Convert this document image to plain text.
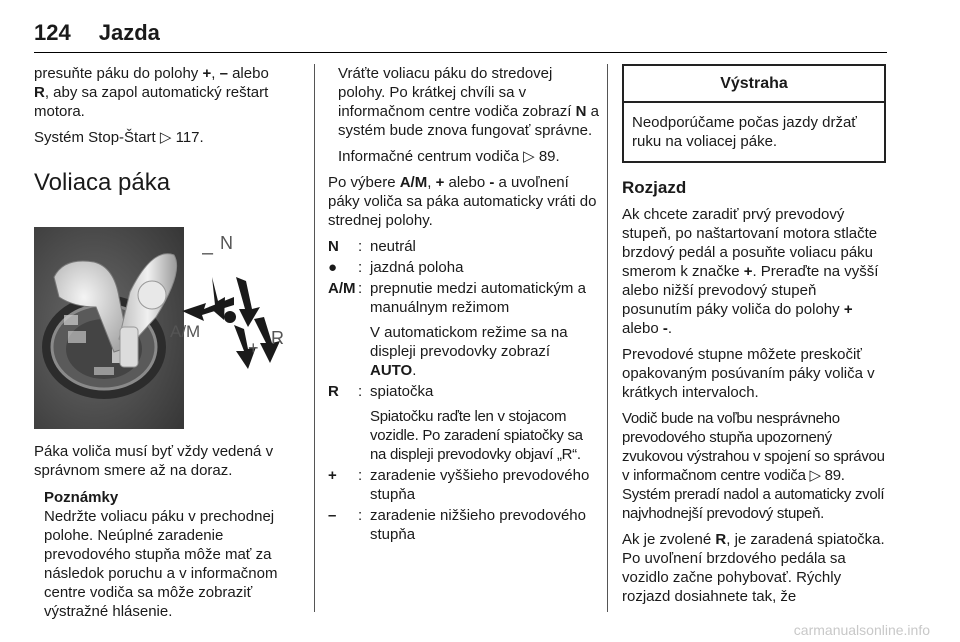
124 Jazda

presuňte páku do polohy +, – alebo
R, aby sa zapol automatický reštart motora.

Systém Stop-Štart ▷ 117.

Voliaca páka
– N
A/M
+ R

Páka voliča musí byť vždy vedená v správnom smere až na doraz.

Poznámky
Nedržte voliacu páku v prechodnej polohe. Neúplné zaradenie prevodového stupňa môže mať za následok poruchu a v informačnom centre vodiča sa môže zobraziť výstražné hlásenie.

Vráťte voliacu páku do stredovej polohy. Po krátkej chvíli sa v informačnom centre vodiča zobrazí N a systém bude znova fungovať správne.

Informačné centrum vodiča ▷ 89.

Po výbere A/M, + alebo - a uvoľnení páky voliča sa páka automaticky vráti do strednej polohy.

N	: neutrál
●	: jazdná poloha
A/M : prepnutie medzi automatickým a manuálnym režimom
V automatickom režime sa na displeji prevodovky zobrazí AUTO.
R	: spiatočka
Spiatočku raďte len v stojacom vozidle. Po zaradení spiatočky sa na displeji prevodovky objaví „R“.
+	: zaradenie vyššieho prevodového stupňa
–	: zaradenie nižšieho prevodového stupňa
Výstraha
Neodporúčame počas jazdy držať ruku na voliacej páke.
Rozjazd

Ak chcete zaradiť prvý prevodový stupeň, po naštartovaní motora stlačte brzdový pedál a posuňte voliacu páku smerom k značke +. Preraďte na vyšší alebo nižší prevodový stupeň posunutím páky voliča do polohy + alebo -.

Prevodové stupne môžete preskočiť opakovaným posúvaním páky voliča v krátkych intervaloch.

Vodič bude na voľbu nesprávneho prevodového stupňa upozornený zvukovou výstrahou v spojení so správou v informačnom centre vodiča ▷ 89. Systém preradí nadol a automaticky zvolí najvhodnejší prevodový stupeň.

Ak je zvolené R, je zaradená spiatočka. Po uvoľnení brzdového pedála sa vozidlo začne pohybovať. Rýchly rozjazd dosiahnete tak, že

carmanualsonline.info
